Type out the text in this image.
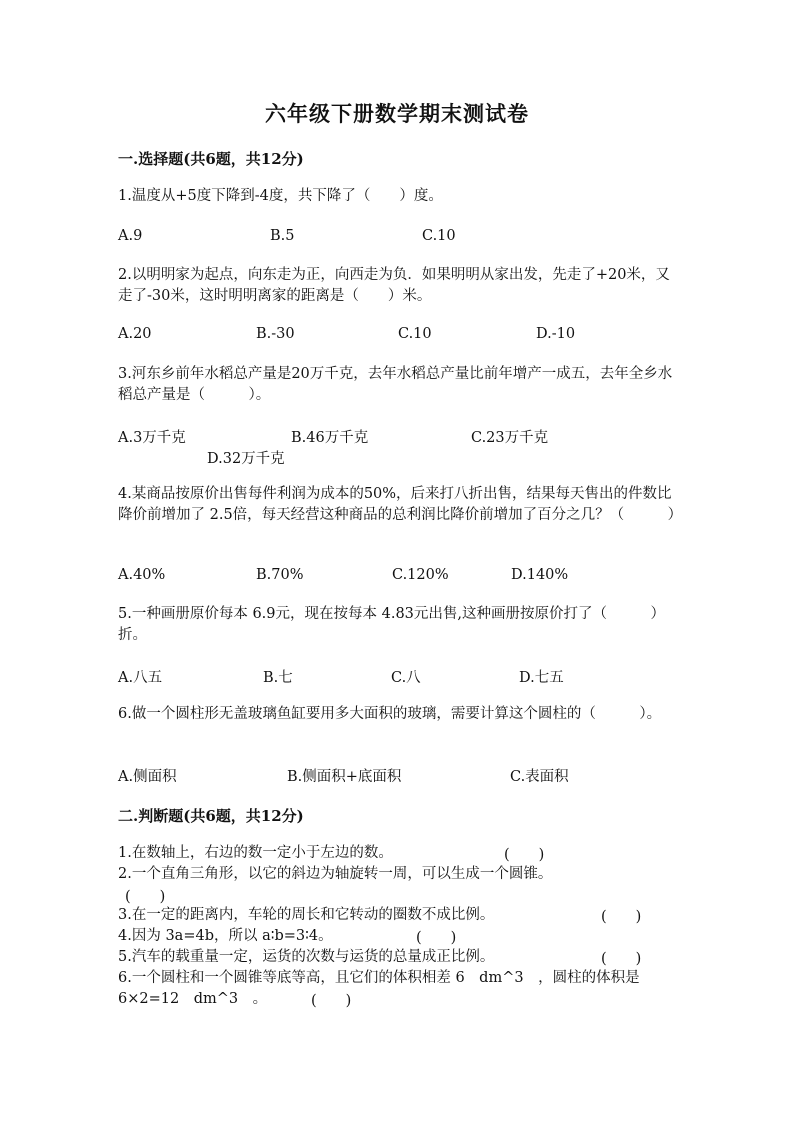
六年级下册数学期末测试卷
一.选择题(共6题，共12分)
1.温度从+5度下降到-4度，共下降了（　　）度。
A.9	B.5	C.10
2.以明明家为起点，向东走为正，向西走为负．如果明明从家出发，先走了+20米，又走了-30米，这时明明离家的距离是（　　）米。
A.20	B.-30	C.10	D.-10
3.河东乡前年水稻总产量是20万千克，去年水稻总产量比前年增产一成五，去年全乡水稻总产量是（　　　）。
A.3万千克	B.46万千克	C.23万千克
D.32万千克
4.某商品按原价出售每件利润为成本的50%，后来打八折出售，结果每天售出的件数比降价前增加了 2.5倍，每天经营这种商品的总利润比降价前增加了百分之几？（　　　）
A.40%	B.70%	C.120%	D.140%
5.一种画册原价每本 6.9元，现在按每本 4.83元出售,这种画册按原价打了（　　　）折。
A.八五	B.七	C.八	D.七五
6.做一个圆柱形无盖玻璃鱼缸要用多大面积的玻璃，需要计算这个圆柱的（　　　）。
A.侧面积	B.侧面积+底面积	C.表面积
二.判断题(共6题，共12分)
1.在数轴上，右边的数一定小于左边的数。	(　　)
2.一个直角三角形，以它的斜边为轴旋转一周，可以生成一个圆锥。
(　　)
3.在一定的距离内，车轮的周长和它转动的圈数不成比例。	(　　)
4.因为 3a=4b，所以 a∶b=3∶4。	(　　)
5.汽车的载重量一定，运货的次数与运货的总量成正比例。	(　　)
6.一个圆柱和一个圆锥等底等高，且它们的体积相差 6　dm^3　，圆柱的体积是6×2=12　dm^3　。	(　　)
